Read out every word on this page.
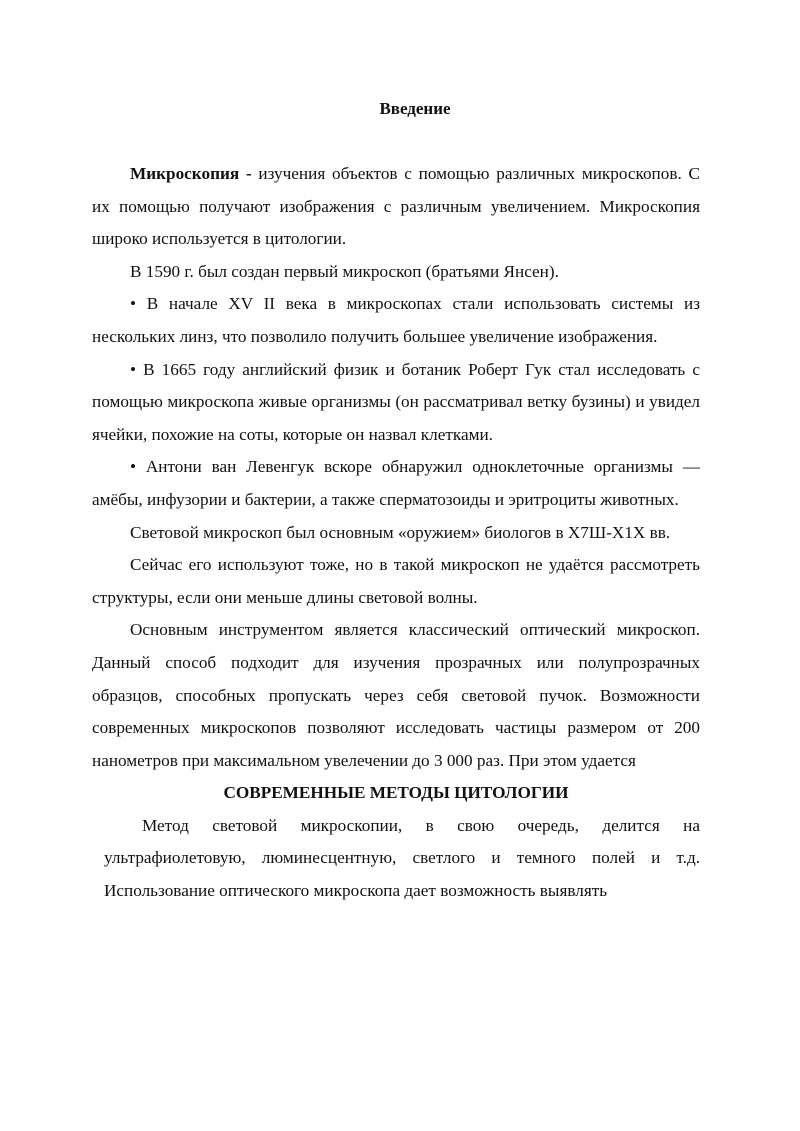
Введение

Микроскопия - изучения объектов с помощью различных микроскопов. С их помощью получают изображения с различным увеличением. Микроскопия широко используется в цитологии.

В 1590 г. был создан первый микроскоп (братьями Янсен).

• В начале XV II века в микроскопах стали использовать системы из нескольких линз, что позволило получить большее увеличение изображения.

• В 1665 году английский физик и ботаник Роберт Гук стал исследовать с помощью микроскопа живые организмы (он рассматривал ветку бузины) и увидел ячейки, похожие на соты, которые он назвал клетками.

• Антони ван Левенгук вскоре обнаружил одноклеточные организмы — амёбы, инфузории и бактерии, а также сперматозоиды и эритроциты животных.

Световой микроскоп был основным «оружием» биологов в X7Ш-X1X вв.

Сейчас его используют тоже, но в такой микроскоп не удаётся рассмотреть структуры, если они меньше длины световой волны.

Основным инструментом является классический оптический микроскоп. Данный способ подходит для изучения прозрачных или полупрозрачных образцов, способных пропускать через себя световой пучок. Возможности современных микроскопов позволяют исследовать частицы размером от 200 нанометров при максимальном увелечении до 3 000 раз. При этом удается

СОВРЕМЕННЫЕ МЕТОДЫ ЦИТОЛОГИИ

Метод световой микроскопии, в свою очередь, делится на ультрафиолетовую, люминесцентную, светлого и темного полей и т.д. Использование оптического микроскопа дает возможность выявлять
